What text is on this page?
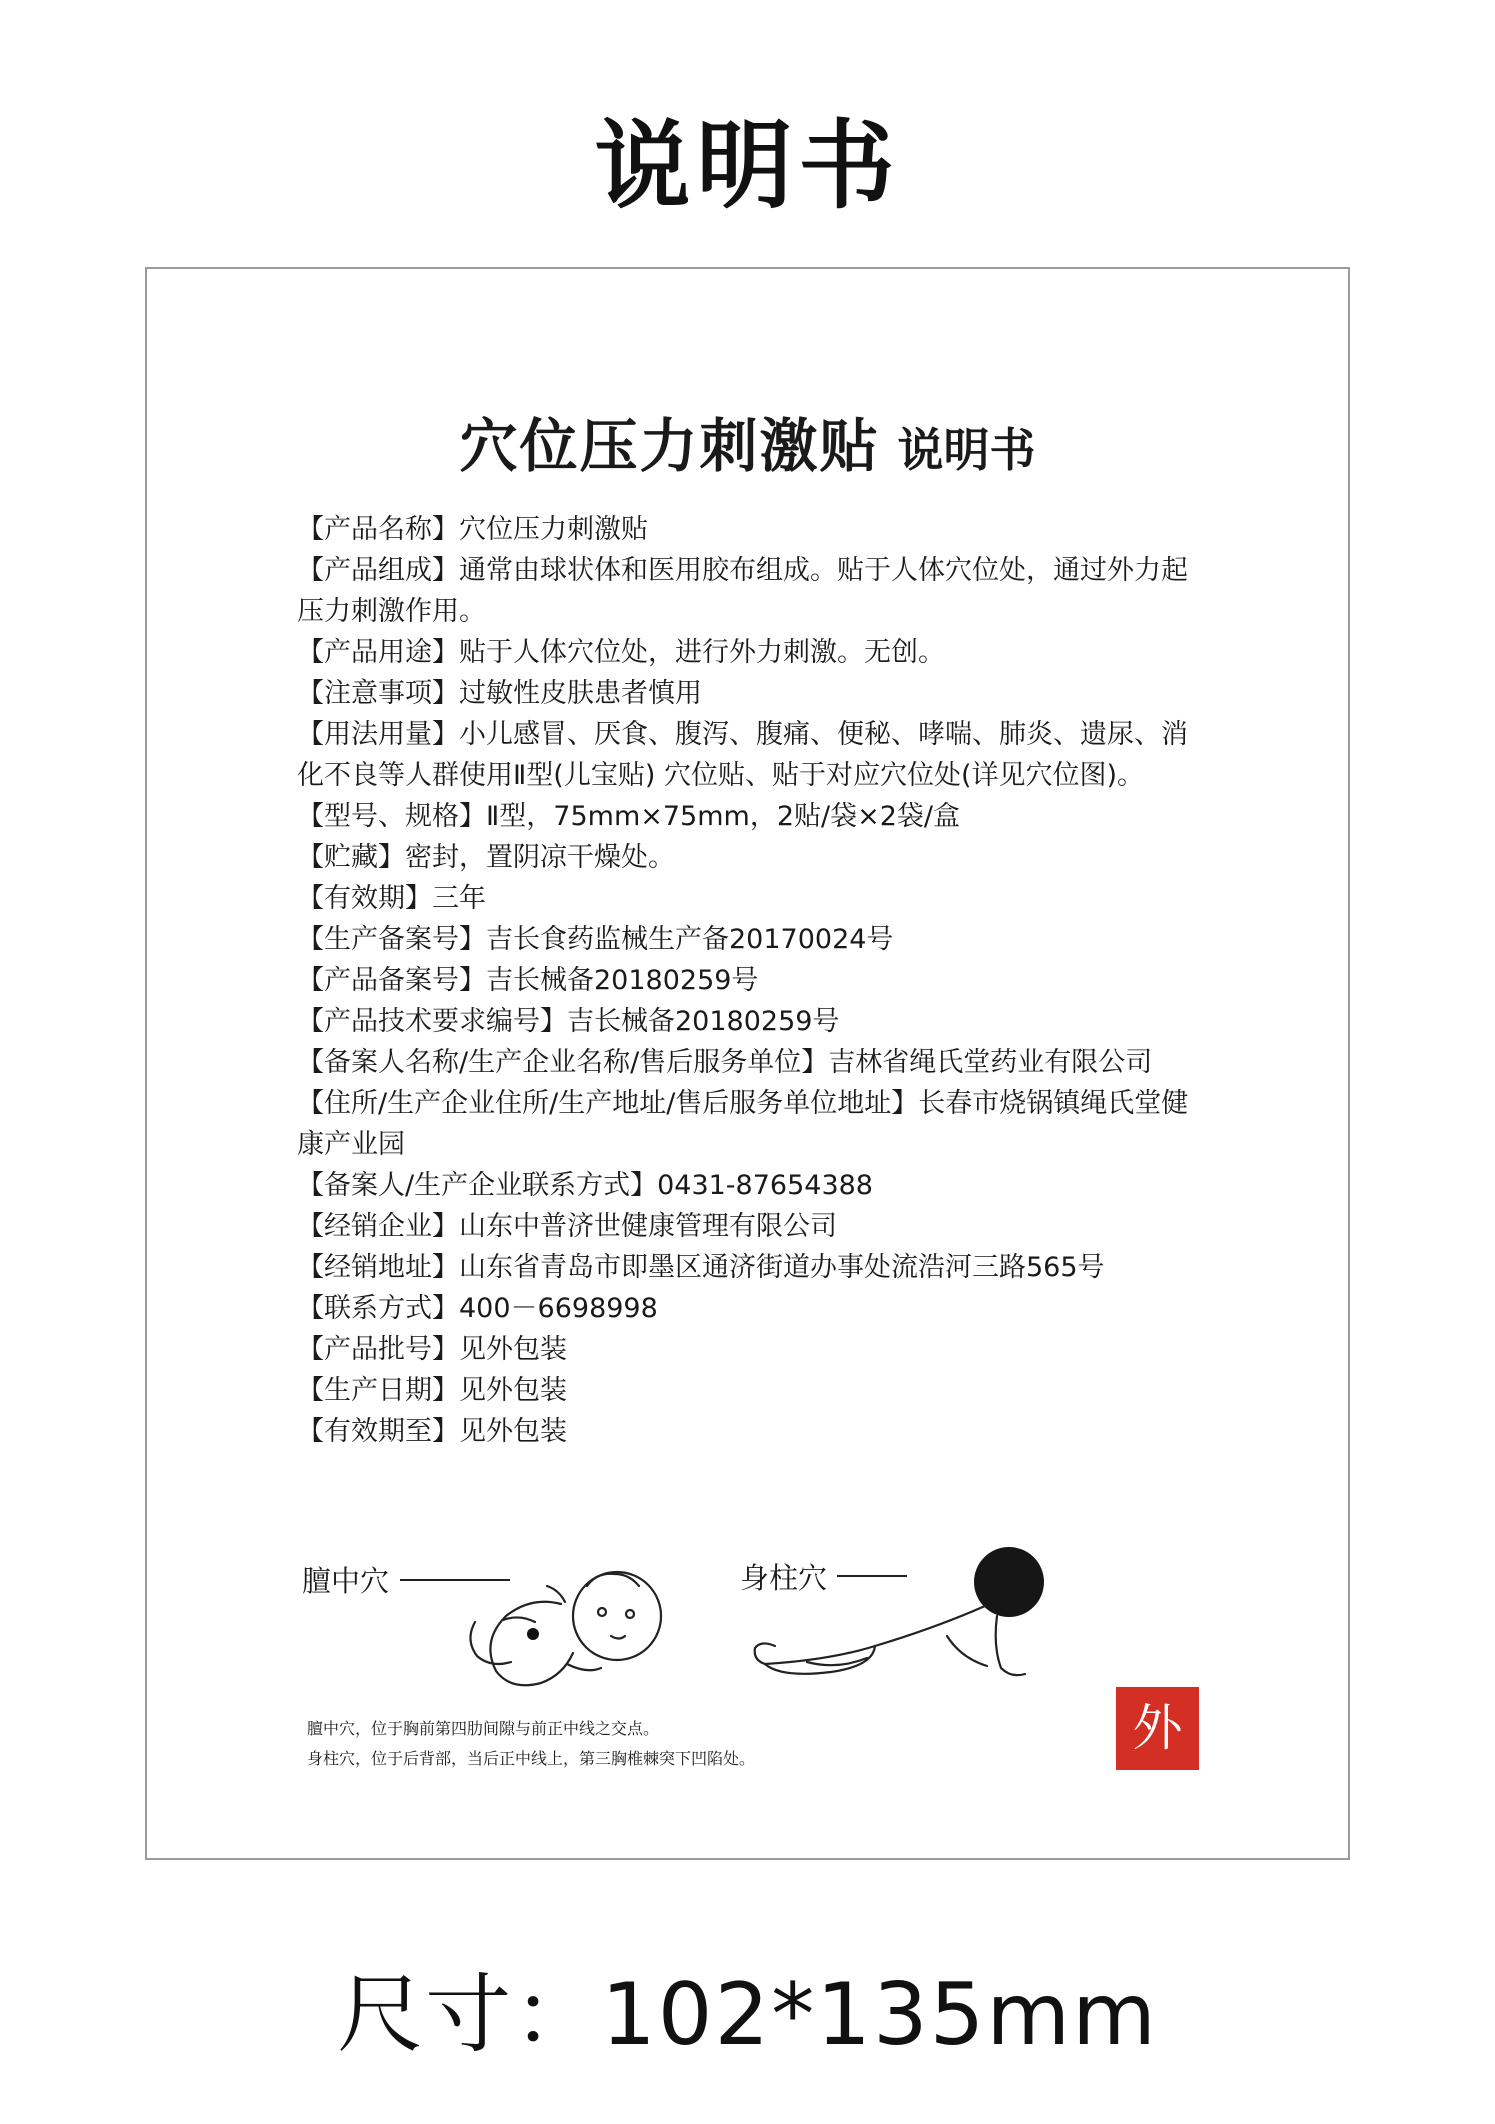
说明书
穴位压力刺激贴 说明书

【产品名称】穴位压力刺激贴

【产品组成】通常由球状体和医用胶布组成。贴于人体穴位处，通过外力起压力刺激作用。

【产品用途】贴于人体穴位处，进行外力刺激。无创。

【注意事项】过敏性皮肤患者慎用

【用法用量】小儿感冒、厌食、腹泻、腹痛、便秘、哮喘、肺炎、遗尿、消化不良等人群使用Ⅱ型(儿宝贴) 穴位贴、贴于对应穴位处(详见穴位图)。

【型号、规格】Ⅱ型，75mm×75mm，2贴/袋×2袋/盒

【贮藏】密封，置阴凉干燥处。

【有效期】三年

【生产备案号】吉长食药监械生产备20170024号

【产品备案号】吉长械备20180259号

【产品技术要求编号】吉长械备20180259号

【备案人名称/生产企业名称/售后服务单位】吉林省绳氏堂药业有限公司

【住所/生产企业住所/生产地址/售后服务单位地址】长春市烧锅镇绳氏堂健康产业园

【备案人/生产企业联系方式】0431-87654388

【经销企业】山东中普济世健康管理有限公司

【经销地址】山东省青岛市即墨区通济街道办事处流浩河三路565号

【联系方式】400－6698998

【产品批号】见外包装

【生产日期】见外包装

【有效期至】见外包装

膻中穴	身柱穴
膻中穴，位于胸前第四肋间隙与前正中线之交点。
身柱穴，位于后背部，当后正中线上，第三胸椎棘突下凹陷处。
外
尺寸：102*135mm
